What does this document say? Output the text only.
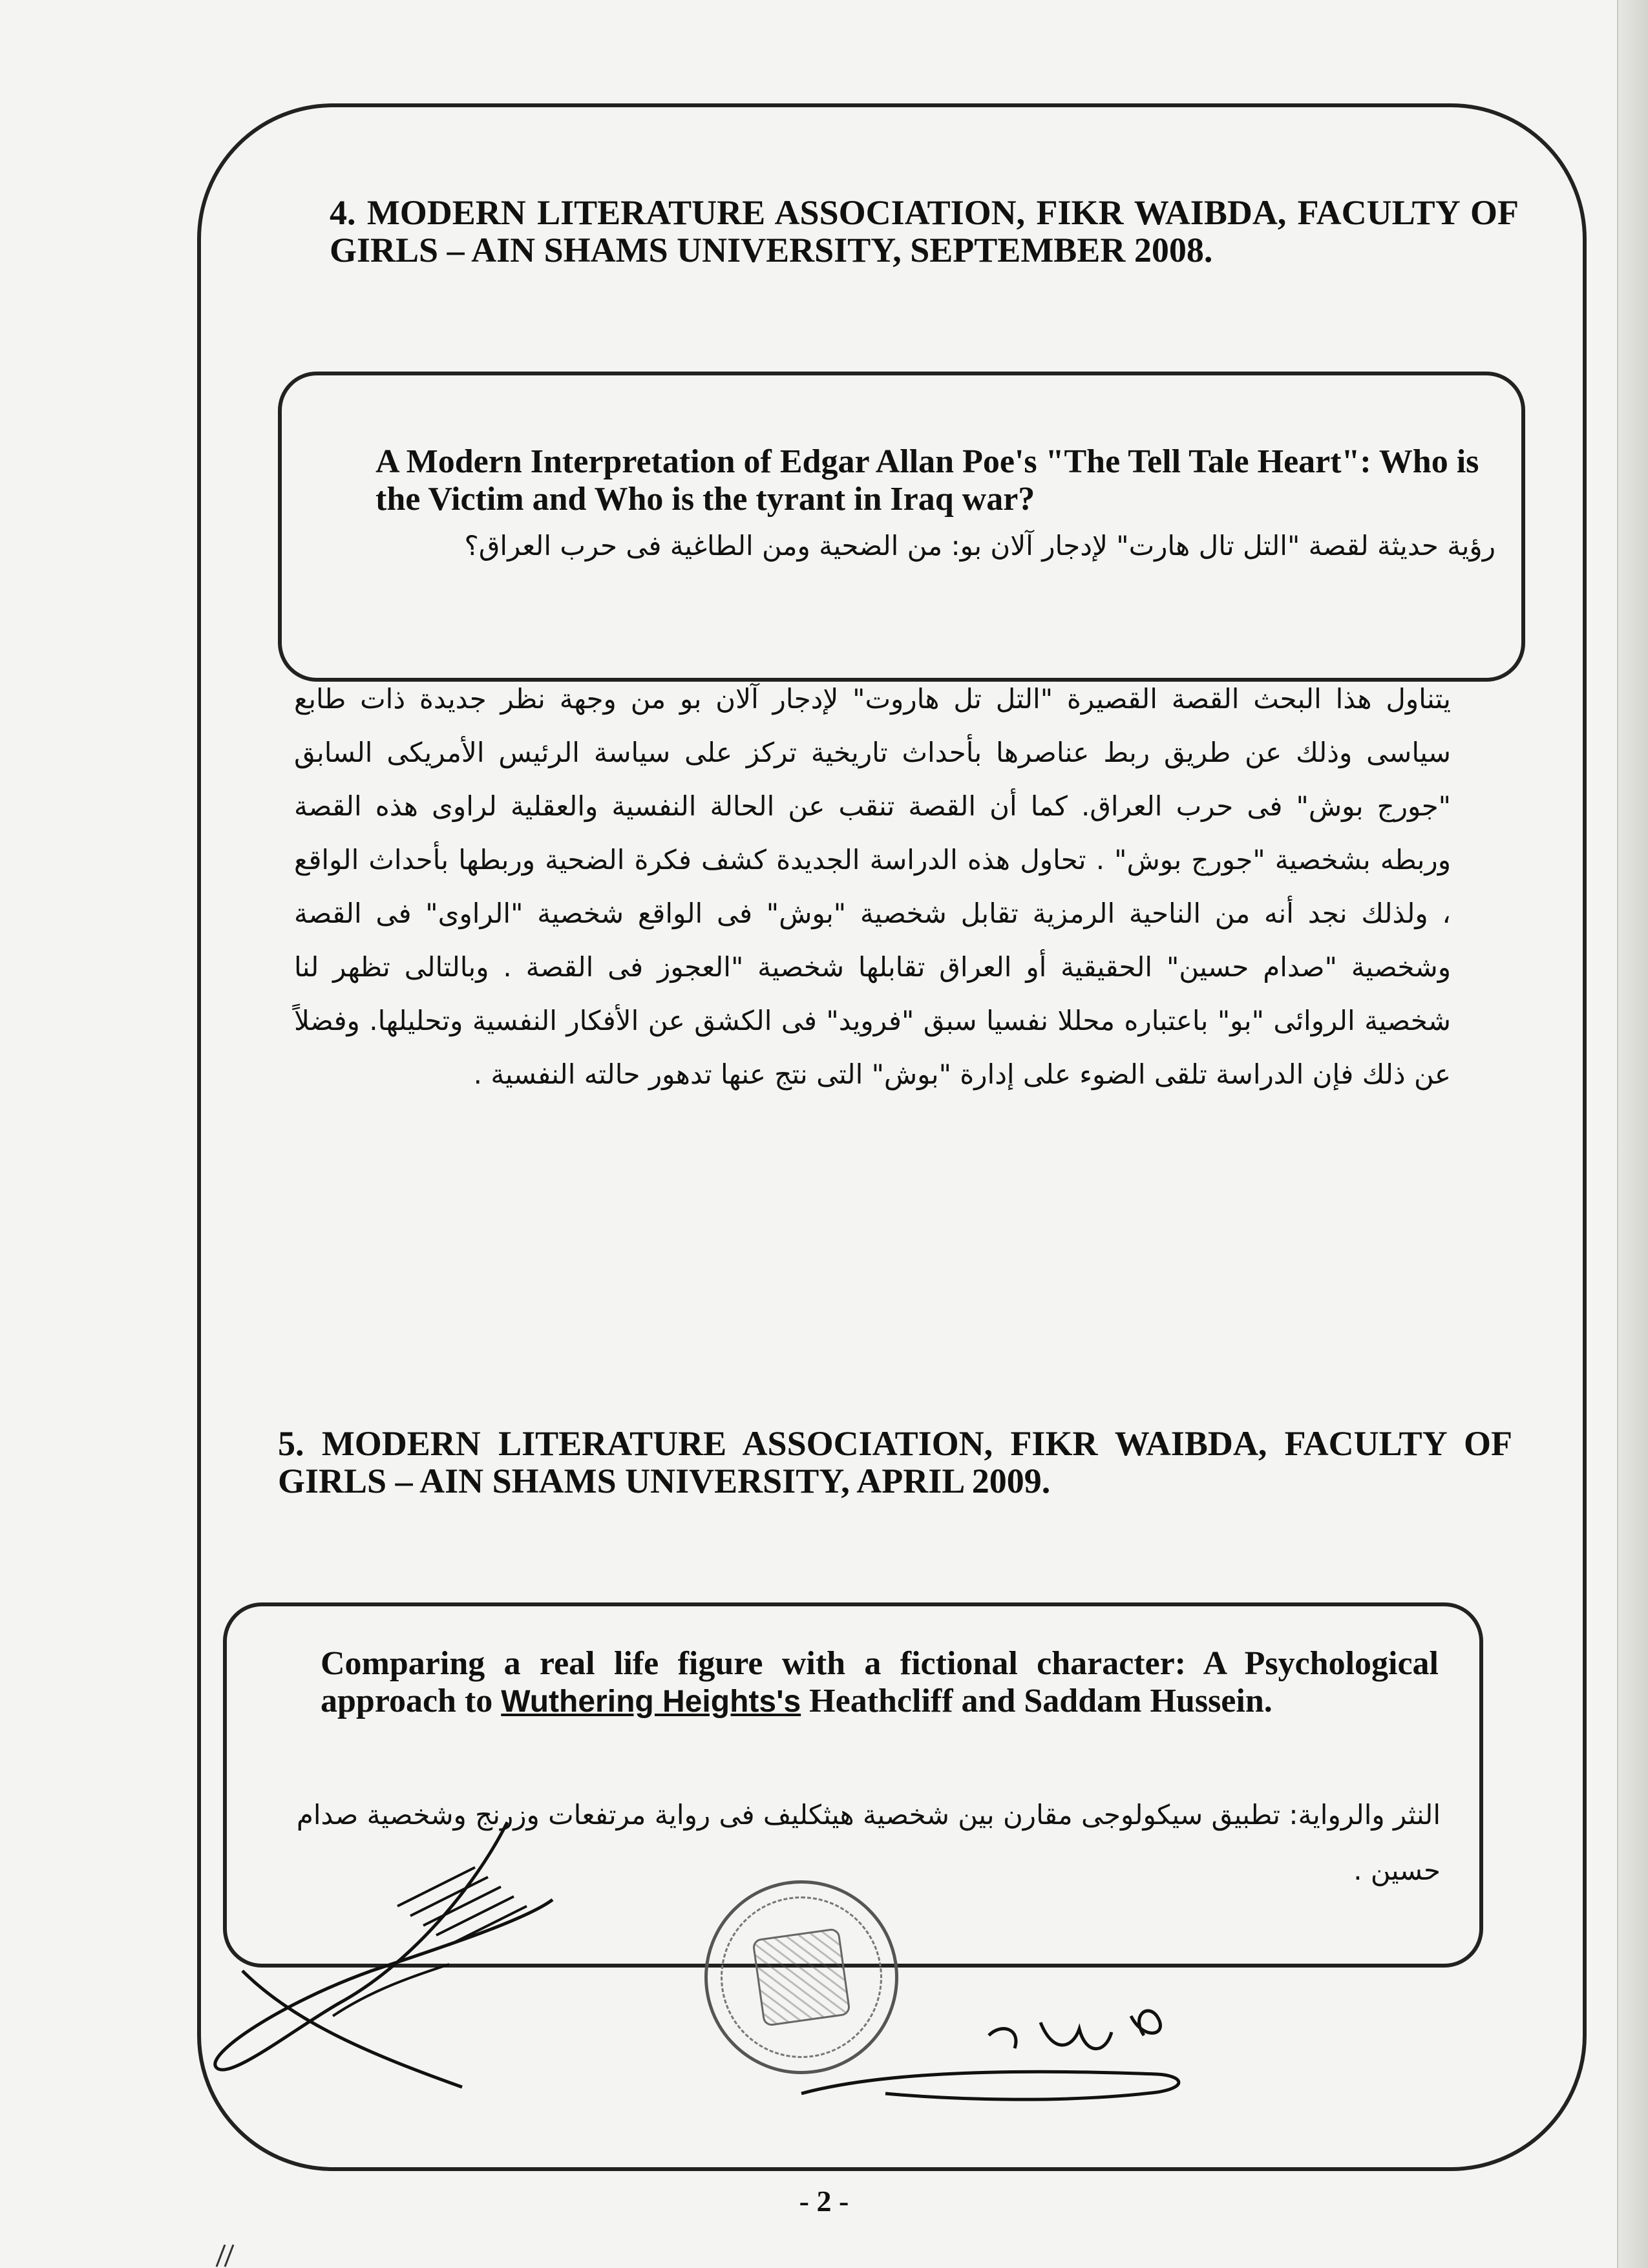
4. MODERN LITERATURE ASSOCIATION, FIKR WAIBDA, FACULTY OF GIRLS – AIN SHAMS UNIVERSITY, SEPTEMBER 2008.

A Modern Interpretation of Edgar Allan Poe's "The Tell Tale Heart": Who is the Victim and Who is the tyrant in Iraq war?

رؤية حديثة لقصة "التل تال هارت" لإدجار آلان بو: من الضحية ومن الطاغية فى حرب العراق؟

يتناول هذا البحث القصة القصيرة "التل تل هاروت" لإدجار آلان بو من وجهة نظر جديدة ذات طابع سياسى وذلك عن طريق ربط عناصرها بأحداث تاريخية تركز على سياسة الرئيس الأمريكى السابق "جورج بوش" فى حرب العراق. كما أن القصة تنقب عن الحالة النفسية والعقلية لراوى هذه القصة وربطه بشخصية "جورج بوش" . تحاول هذه الدراسة الجديدة كشف فكرة الضحية وربطها بأحداث الواقع ، ولذلك نجد أنه من الناحية الرمزية تقابل شخصية "بوش" فى الواقع شخصية "الراوى" فى القصة وشخصية "صدام حسين" الحقيقية أو العراق تقابلها شخصية "العجوز فى القصة . وبالتالى تظهر لنا شخصية الروائى "بو" باعتباره محللا نفسيا سبق "فرويد" فى الكشق عن الأفكار النفسية وتحليلها. وفضلاً عن ذلك فإن الدراسة تلقى الضوء على إدارة "بوش" التى نتج عنها تدهور حالته النفسية .

5. MODERN LITERATURE ASSOCIATION, FIKR WAIBDA, FACULTY OF GIRLS – AIN SHAMS UNIVERSITY, APRIL 2009.

Comparing a real life figure with a fictional character: A Psychological approach to Wuthering Heights's Heathcliff and Saddam Hussein.

النثر والرواية: تطبيق سيكولوجى مقارن بين شخصية هيثكليف فى رواية مرتفعات وزرنج وشخصية صدام حسين .

- 2 -
